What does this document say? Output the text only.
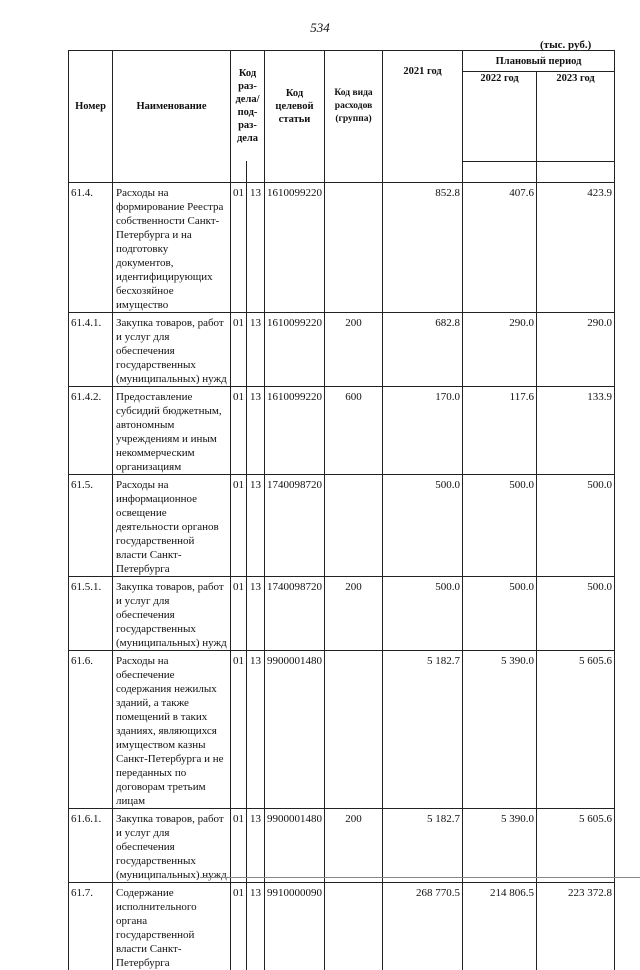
534
(тыс. руб.)
Номер	Наименование	Код раз-дела/ под-раз-дела		Код целевой статьи	Код вида расходов (группа)	2021 год	Плановый период	
							2022 год	2023 год

61.4.	Расходы на формирование Реестра собственности Санкт-Петербурга и на подготовку документов, идентифицирующих бесхозяйное имущество	01	13	1610099220		852.8	407.6	423.9
61.4.1.	Закупка товаров, работ и услуг для обеспечения государственных (муниципальных) нужд	01	13	1610099220	200	682.8	290.0	290.0
61.4.2.	Предоставление субсидий бюджетным, автономным учреждениям и иным некоммерческим организациям	01	13	1610099220	600	170.0	117.6	133.9
61.5.	Расходы на информационное освещение деятельности органов государственной власти Санкт-Петербурга	01	13	1740098720		500.0	500.0	500.0
61.5.1.	Закупка товаров, работ и услуг для обеспечения государственных (муниципальных) нужд	01	13	1740098720	200	500.0	500.0	500.0
61.6.	Расходы на обеспечение содержания нежилых зданий, а также помещений в таких зданиях, являющихся имуществом казны Санкт-Петербурга и не переданных по договорам третьим лицам	01	13	9900001480		5 182.7	5 390.0	5 605.6
61.6.1.	Закупка товаров, работ и услуг для обеспечения государственных (муниципальных) нужд	01	13	9900001480	200	5 182.7	5 390.0	5 605.6
61.7.	Содержание исполнительного органа государственной власти Санкт-Петербурга	01	13	9910000090		268 770.5	214 806.5	223 372.8
